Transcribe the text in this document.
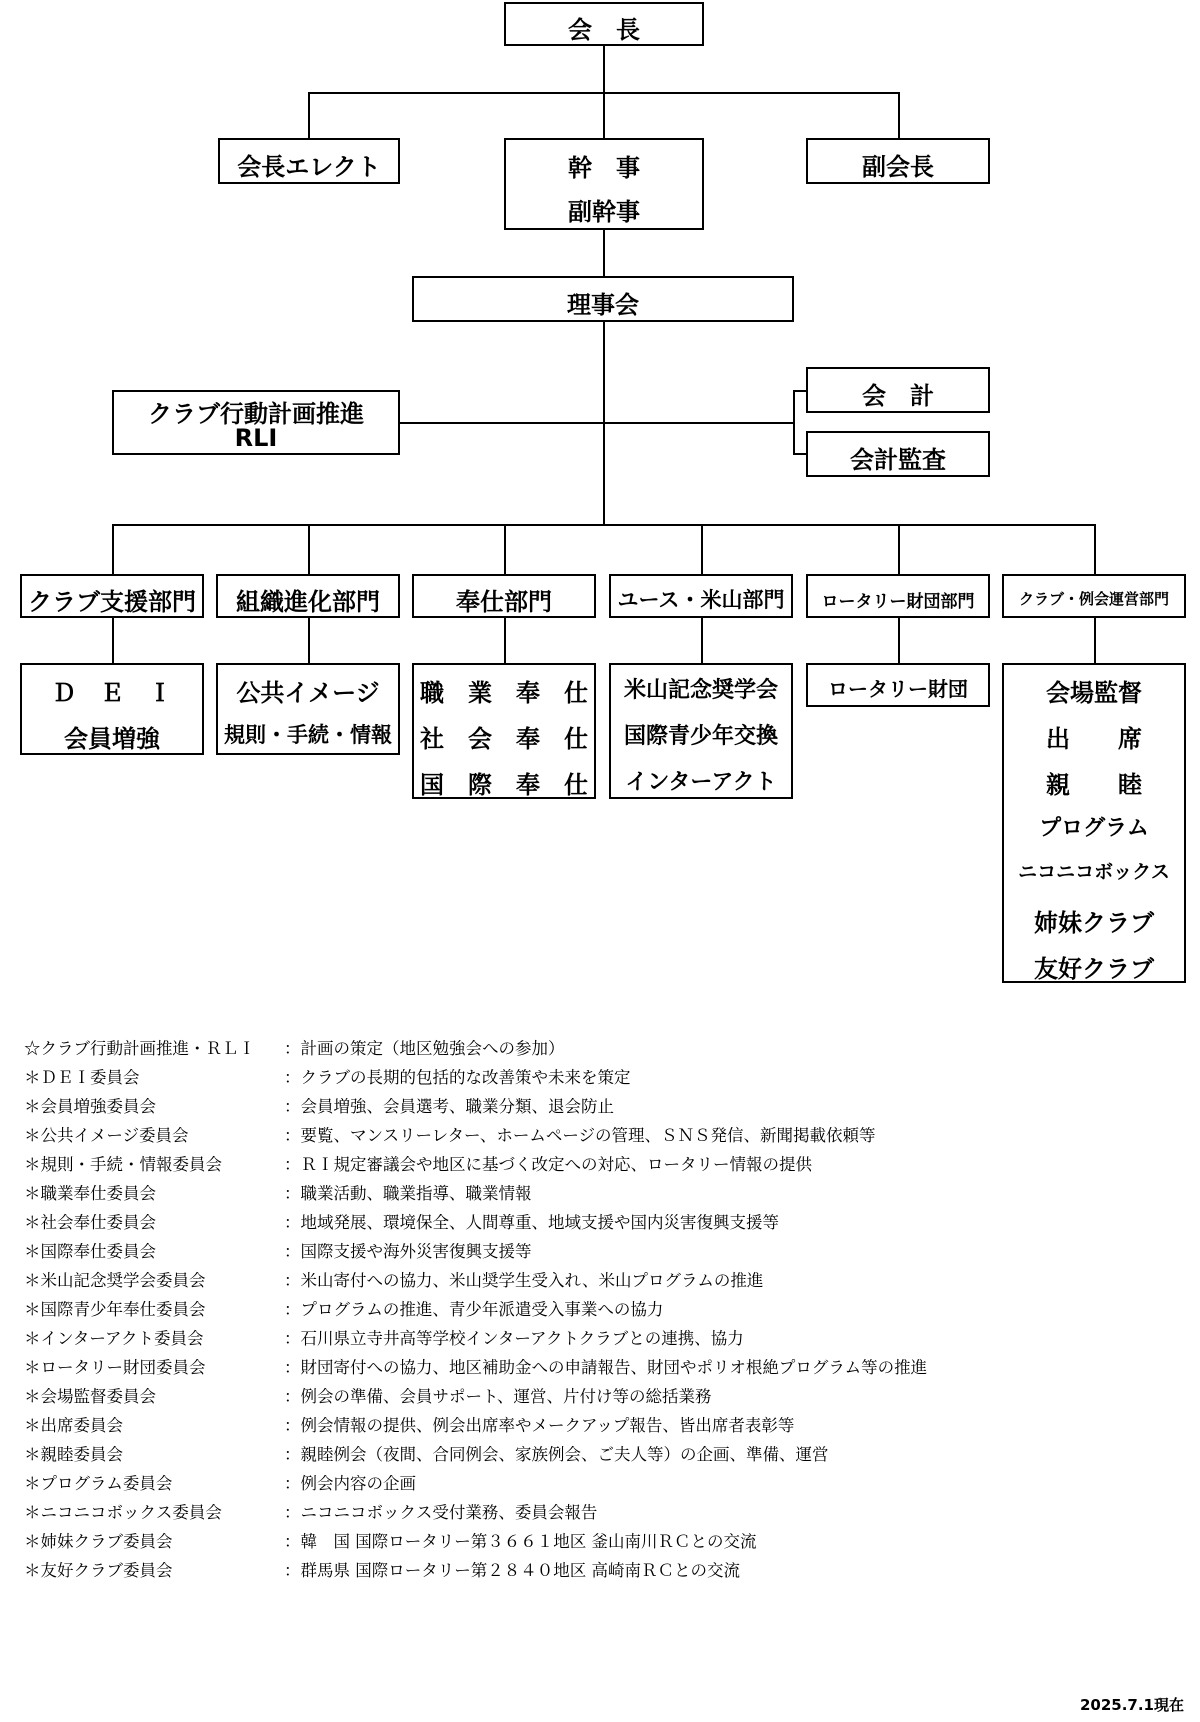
会　長
会長エレクト	幹　事
副幹事
副会長
理事会
クラブ行動計画推進
RLI
会　計
会計監査
クラブ支援部門	組織進化部門	奉仕部門	ユース・米山部門	ロータリー財団部門	クラブ・例会運営部門
Ｄ　Ｅ　Ｉ
会員増強
公共イメージ
規則・手続・情報
職　業　奉　仕
社　会　奉　仕
国　際　奉　仕
米山記念奨学会
国際青少年交換
インターアクト
ロータリー財団	会場監督
出　　席
親　　睦
プログラム
ニコニコボックス
姉妹クラブ
友好クラブ
☆クラブ行動計画推進・ＲＬＩ ：計画の策定（地区勉強会への参加）
＊ＤＥＩ委員会	：クラブの長期的包括的な改善策や未来を策定
＊会員増強委員会	：会員増強、会員選考、職業分類、退会防止
＊公共イメージ委員会	：要覧、マンスリーレター、ホームページの管理、ＳＮＳ発信、新聞掲載依頼等
＊規則・手続・情報委員会	：ＲＩ規定審議会や地区に基づく改定への対応、ロータリー情報の提供
＊職業奉仕委員会	：職業活動、職業指導、職業情報
＊社会奉仕委員会	：地域発展、環境保全、人間尊重、地域支援や国内災害復興支援等
＊国際奉仕委員会	：国際支援や海外災害復興支援等
＊米山記念奨学会委員会	：米山寄付への協力、米山奨学生受入れ、米山プログラムの推進
＊国際青少年奉仕委員会	：プログラムの推進、青少年派遣受入事業への協力
＊インターアクト委員会	：石川県立寺井高等学校インターアクトクラブとの連携、協力
＊ロータリー財団委員会	：財団寄付への協力、地区補助金への申請報告、財団やポリオ根絶プログラム等の推進
＊会場監督委員会	：例会の準備、会員サポート、運営、片付け等の総括業務
＊出席委員会	：例会情報の提供、例会出席率やメークアップ報告、皆出席者表彰等
＊親睦委員会	：親睦例会（夜間、合同例会、家族例会、ご夫人等）の企画、準備、運営
＊プログラム委員会	：例会内容の企画
＊ニコニコボックス委員会	：ニコニコボックス受付業務、委員会報告
＊姉妹クラブ委員会	：韓　国 国際ロータリー第３６６１地区 釜山南川ＲＣとの交流
＊友好クラブ委員会	：群馬県 国際ロータリー第２８４０地区 高崎南ＲＣとの交流
2025.7.1現在
